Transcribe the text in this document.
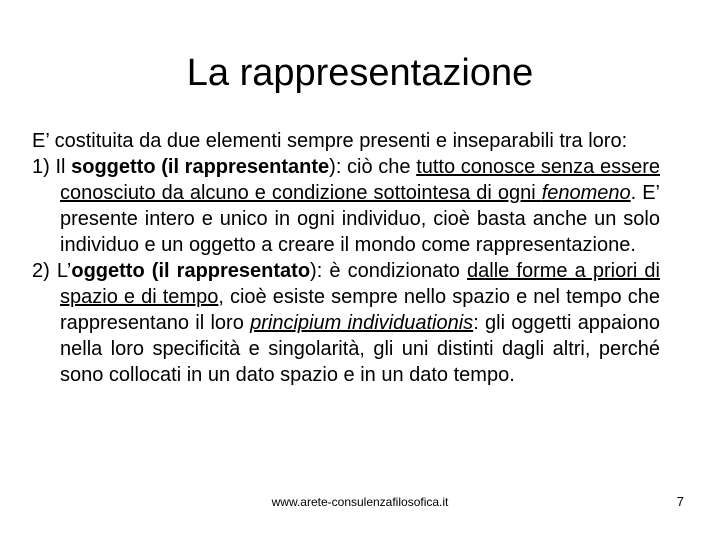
La rappresentazione

E’ costituita da due elementi sempre presenti e inseparabili tra loro:

1) Il soggetto (il rappresentante): ciò che tutto conosce senza essere conosciuto da alcuno e condizione sottointesa di ogni fenomeno. E’ presente intero e unico in ogni individuo, cioè basta anche un solo individuo e un oggetto a creare il mondo come rappresentazione.

2) L’oggetto (il rappresentato): è condizionato dalle forme a priori di spazio e di tempo, cioè esiste sempre nello spazio e nel tempo che rappresentano il loro principium individuationis: gli oggetti appaiono nella loro specificità e singolarità, gli uni distinti dagli altri, perché sono collocati in un dato spazio e in un dato tempo.

www.arete-consulenzafilosofica.it	7
